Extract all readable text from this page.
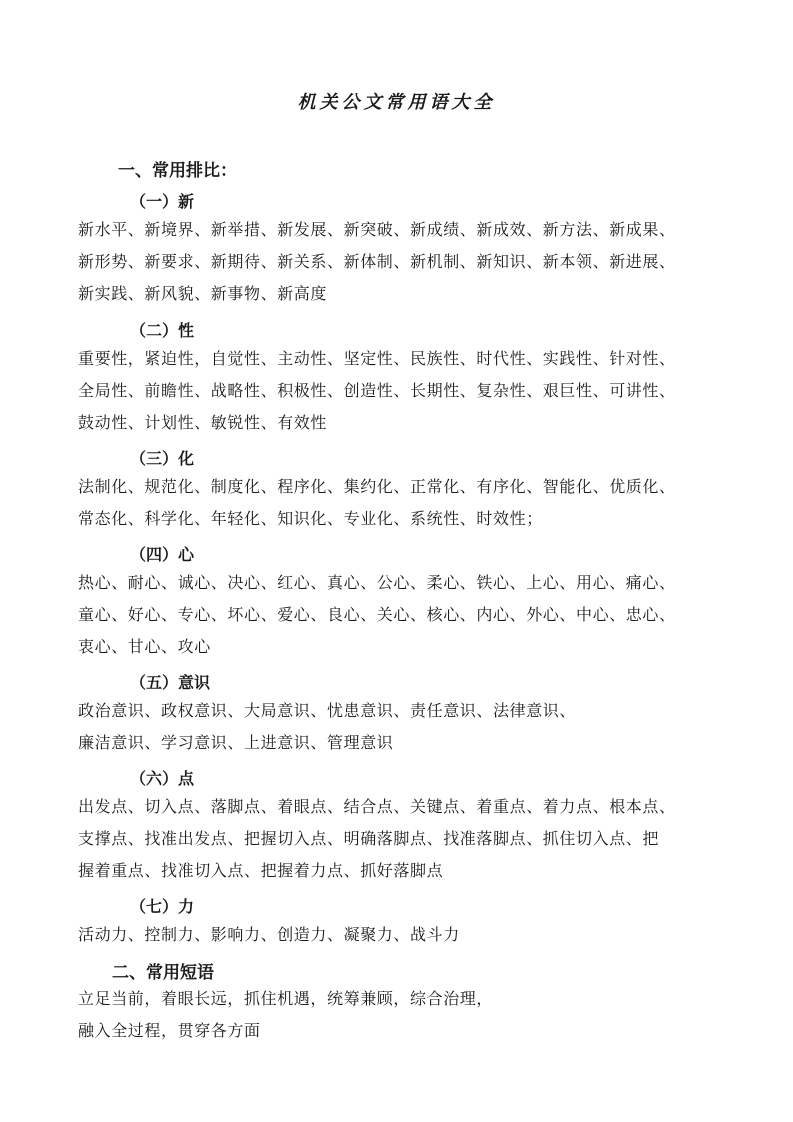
机关公文常用语大全
一、常用排比：
（一）新

新水平、新境界、新举措、新发展、新突破、新成绩、新成效、新方法、新成果、
新形势、新要求、新期待、新关系、新体制、新机制、新知识、新本领、新进展、
新实践、新风貌、新事物、新高度

（二）性

重要性，紧迫性，自觉性、主动性、坚定性、民族性、时代性、实践性、针对性、
全局性、前瞻性、战略性、积极性、创造性、长期性、复杂性、艰巨性、可讲性、
鼓动性、计划性、敏锐性、有效性

（三）化

法制化、规范化、制度化、程序化、集约化、正常化、有序化、智能化、优质化、
常态化、科学化、年轻化、知识化、专业化、系统性、时效性；

（四）心

热心、耐心、诚心、决心、红心、真心、公心、柔心、铁心、上心、用心、痛心、
童心、好心、专心、坏心、爱心、良心、关心、核心、内心、外心、中心、忠心、
衷心、甘心、攻心

（五）意识

政治意识、政权意识、大局意识、忧患意识、责任意识、法律意识、
廉洁意识、学习意识、上进意识、管理意识

（六）点

出发点、切入点、落脚点、着眼点、结合点、关键点、着重点、着力点、根本点、
支撑点、找准出发点、把握切入点、明确落脚点、找准落脚点、抓住切入点、把
握着重点、找准切入点、把握着力点、抓好落脚点

（七）力

活动力、控制力、影响力、创造力、凝聚力、战斗力

二、常用短语

立足当前，着眼长远，抓住机遇，统筹兼顾，综合治理，
融入全过程，贯穿各方面
